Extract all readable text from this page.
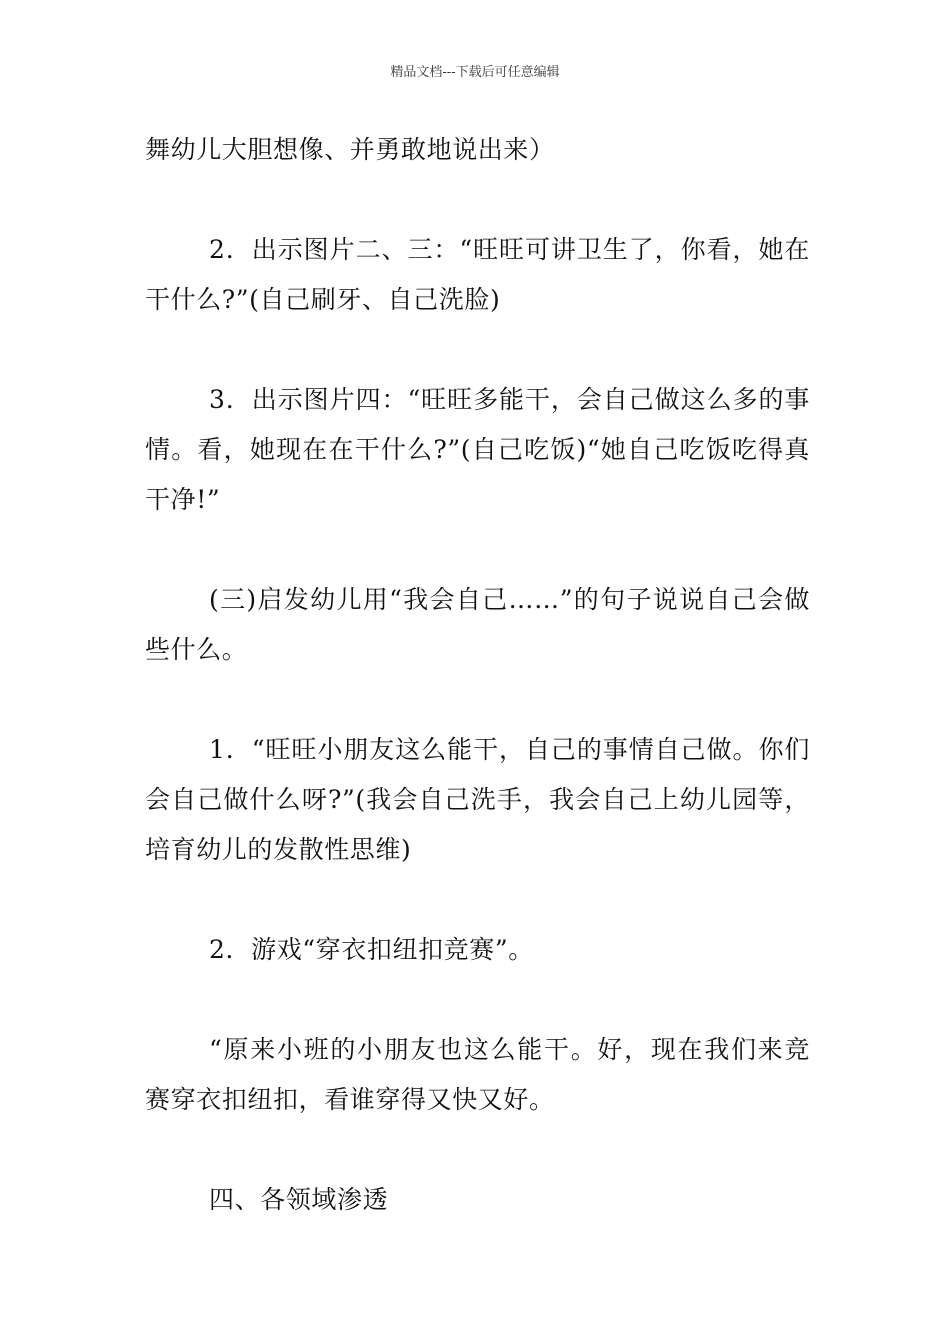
精品文档---下载后可任意编辑

舞幼儿大胆想像、并勇敢地说出来）

2．出示图片二、三：“旺旺可讲卫生了，你看，她在干什么?”(自己刷牙、自己洗脸)

3．出示图片四：“旺旺多能干，会自己做这么多的事情。看，她现在在干什么?”(自己吃饭)“她自己吃饭吃得真干净!”

(三)启发幼儿用“我会自己……”的句子说说自己会做些什么。

1．“旺旺小朋友这么能干，自己的事情自己做。你们会自己做什么呀?”(我会自己洗手，我会自己上幼儿园等，培育幼儿的发散性思维)

2．游戏“穿衣扣纽扣竞赛”。

“原来小班的小朋友也这么能干。好，现在我们来竞赛穿衣扣纽扣，看谁穿得又快又好。

四、各领域渗透
